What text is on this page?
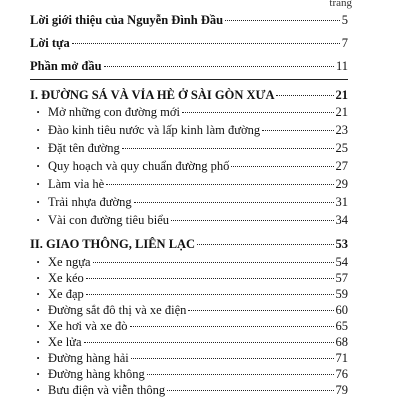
trang
Lời giới thiệu của Nguyễn Đình Đầu	5
Lời tựa	7
Phần mở đầu	11
I. ĐƯỜNG SÁ VÀ VỈA HÈ Ở SÀI GÒN XƯA	21
· Mở những con đường mới	21
· Đào kinh tiêu nước và lấp kinh làm đường	23
· Đặt tên đường	25
· Quy hoạch và quy chuẩn đường phố	27
· Làm vỉa hè	29
· Trải nhựa đường	31
· Vài con đường tiêu biểu	34
II. GIAO THÔNG, LIÊN LẠC	53
· Xe ngựa	54
· Xe kéo	57
· Xe đạp	59
· Đường sắt đô thị và xe điện	60
· Xe hơi và xe đò	65
· Xe lửa	68
· Đường hàng hải	71
· Đường hàng không	76
· Bưu điện và viễn thông	79
